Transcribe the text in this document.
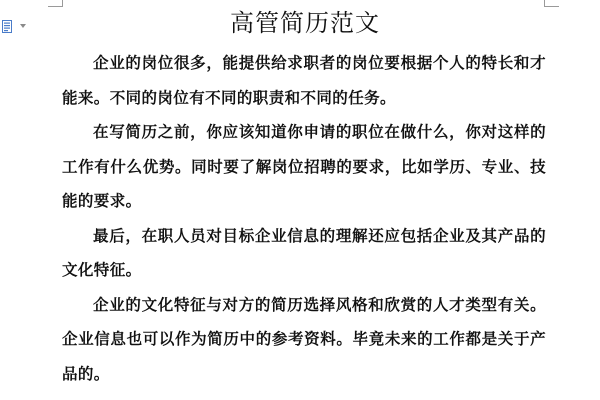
高管简历范文

企业的岗位很多，能提供给求职者的岗位要根据个人的特长和才能来。不同的岗位有不同的职责和不同的任务。

在写简历之前，你应该知道你申请的职位在做什么，你对这样的工作有什么优势。同时要了解岗位招聘的要求，比如学历、专业、技能的要求。

最后，在职人员对目标企业信息的理解还应包括企业及其产品的文化特征。

企业的文化特征与对方的简历选择风格和欣赏的人才类型有关。企业信息也可以作为简历中的参考资料。毕竟未来的工作都是关于产品的。
